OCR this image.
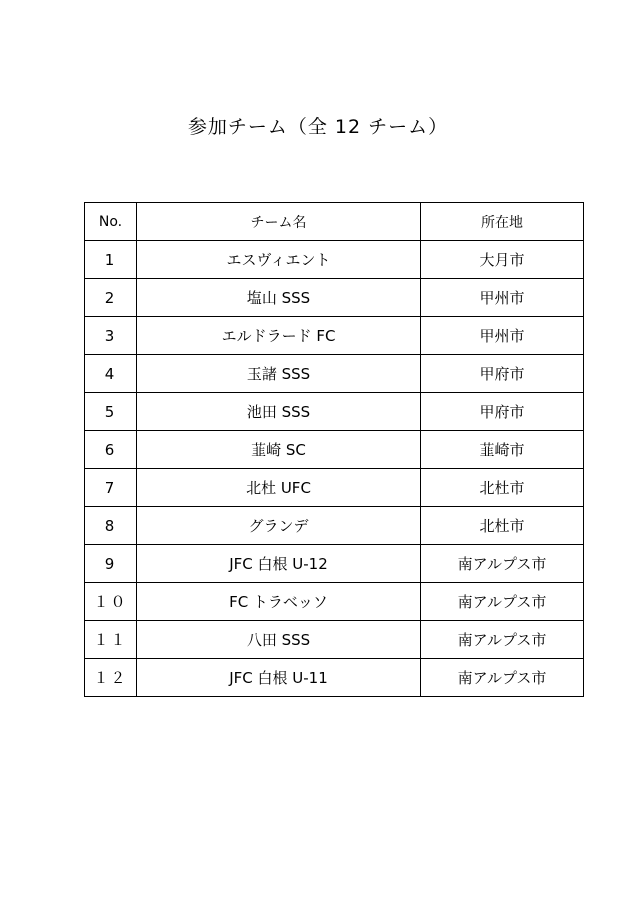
参加チーム（全 12 チーム）
No.	チーム名	所在地
1	エスヴィエント	大月市
2	塩山 SSS	甲州市
3	エルドラード FC	甲州市
4	玉諸 SSS	甲府市
5	池田 SSS	甲府市
6	韮崎 SC	韮崎市
7	北杜 UFC	北杜市
8	グランデ	北杜市
9	JFC 白根 U-12	南アルプス市
１０	FC トラベッソ	南アルプス市
１１	八田 SSS	南アルプス市
１２	JFC 白根 U-11	南アルプス市
